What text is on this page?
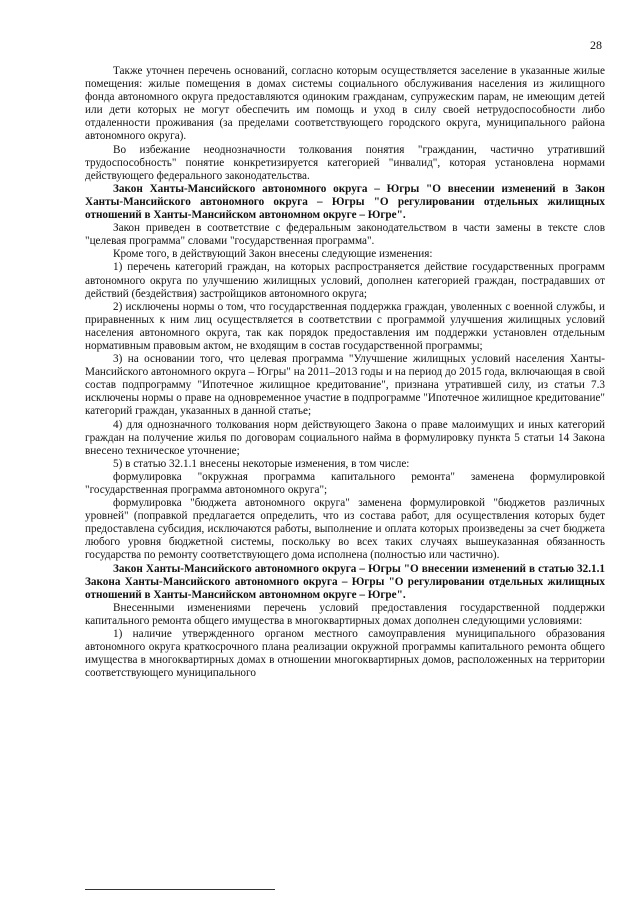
28

Также уточнен перечень оснований, согласно которым осуществляется заселение в указанные жилые помещения: жилые помещения в домах системы социального обслуживания населения из жилищного фонда автономного округа предоставляются одиноким гражданам, супружеским парам, не имеющим детей или дети которых не могут обеспечить им помощь и уход в силу своей нетрудоспособности либо отдаленности проживания (за пределами соответствующего городского округа, муниципального района автономного округа).

Во избежание неоднозначности толкования понятия "гражданин, частично утративший трудоспособность" понятие конкретизируется категорией "инвалид", которая установлена нормами действующего федерального законодательства.

Закон Ханты-Мансийского автономного округа – Югры "О внесении изменений в Закон Ханты-Мансийского автономного округа – Югры "О регулировании отдельных жилищных отношений в Ханты-Мансийском автономном округе – Югре".

Закон приведен в соответствие с федеральным законодательством в части замены в тексте слов "целевая программа" словами "государственная программа".

Кроме того, в действующий Закон внесены следующие изменения:

1) перечень категорий граждан, на которых распространяется действие государственных программ автономного округа по улучшению жилищных условий, дополнен категорией граждан, пострадавших от действий (бездействия) застройщиков автономного округа;

2) исключены нормы о том, что государственная поддержка граждан, уволенных с военной службы, и приравненных к ним лиц осуществляется в соответствии с программой улучшения жилищных условий населения автономного округа, так как порядок предоставления им поддержки установлен отдельным нормативным правовым актом, не входящим в состав государственной программы;

3) на основании того, что целевая программа "Улучшение жилищных условий населения Ханты-Мансийского автономного округа – Югры" на 2011–2013 годы и на период до 2015 года, включающая в свой состав подпрограмму "Ипотечное жилищное кредитование", признана утратившей силу, из статьи 7.3 исключены нормы о праве на одновременное участие в подпрограмме "Ипотечное жилищное кредитование" категорий граждан, указанных в данной статье;

4) для однозначного толкования норм действующего Закона о праве малоимущих и иных категорий граждан на получение жилья по договорам социального найма в формулировку пункта 5 статьи 14 Закона внесено техническое уточнение;

5) в статью 32.1.1 внесены некоторые изменения, в том числе:

формулировка "окружная программа капитального ремонта" заменена формулировкой "государственная программа автономного округа";

формулировка "бюджета автономного округа" заменена формулировкой "бюджетов различных уровней" (поправкой предлагается определить, что из состава работ, для осуществления которых будет предоставлена субсидия, исключаются работы, выполнение и оплата которых произведены за счет бюджета любого уровня бюджетной системы, поскольку во всех таких случаях вышеуказанная обязанность государства по ремонту соответствующего дома исполнена (полностью или частично).

Закон Ханты-Мансийского автономного округа – Югры "О внесении изменений в статью 32.1.1 Закона Ханты-Мансийского автономного округа – Югры "О регулировании отдельных жилищных отношений в Ханты-Мансийском автономном округе – Югре".

Внесенными изменениями перечень условий предоставления государственной поддержки капитального ремонта общего имущества в многоквартирных домах дополнен следующими условиями:

1) наличие утвержденного органом местного самоуправления муниципального образования автономного округа краткосрочного плана реализации окружной программы капитального ремонта общего имущества в многоквартирных домах в отношении многоквартирных домов, расположенных на территории соответствующего муниципального
